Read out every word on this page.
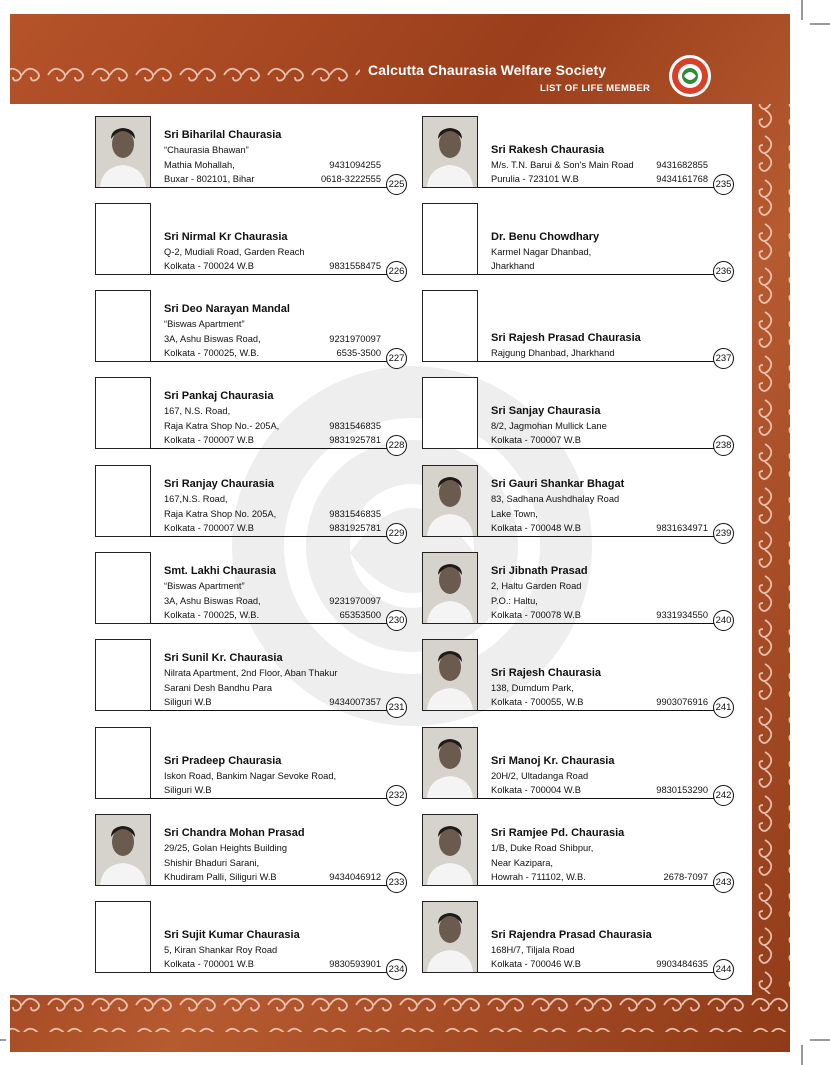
Calcutta Chaurasia Welfare Society
LIST OF LIFE MEMBER
Sri Biharilal Chaurasia
“Chaurasia Bhawan”
Mathia Mohallah,	9431094255
Buxar - 802101, Bihar	0618-3222555
225
Sri Nirmal Kr Chaurasia
Q-2, Mudiali Road, Garden Reach
Kolkata - 700024 W.B	9831558475
226
Sri Deo Narayan Mandal
“Biswas Apartment”
3A, Ashu Biswas Road,	9231970097
Kolkata - 700025, W.B.	6535-3500
227
Sri Pankaj Chaurasia
167, N.S. Road,
Raja Katra Shop No.- 205A,	9831546835
Kolkata - 700007 W.B	9831925781
228
Sri Ranjay Chaurasia
167,N.S. Road,
Raja Katra Shop No. 205A,	9831546835
Kolkata - 700007 W.B	9831925781
229
Smt. Lakhi Chaurasia
“Biswas Apartment”
3A, Ashu Biswas Road,	9231970097
Kolkata - 700025, W.B.	65353500
230
Sri Sunil Kr. Chaurasia
Nilrata Apartment, 2nd Floor, Aban Thakur
Sarani Desh Bandhu Para
Siliguri W.B	9434007357
231
Sri Pradeep Chaurasia
Iskon Road, Bankim Nagar Sevoke Road,
Siliguri W.B
232
Sri Chandra Mohan Prasad
29/25, Golan Heights Building
Shishir Bhaduri Sarani,
Khudiram Palli, Siliguri W.B	9434046912
233
Sri Sujit Kumar Chaurasia
5, Kiran Shankar Roy Road
Kolkata - 700001 W.B	9830593901
234
Sri Rakesh Chaurasia
M/s. T.N. Barui & Son's Main Road	9431682855
Purulia - 723101 W.B	9434161768
235
Dr. Benu Chowdhary
Karmel Nagar Dhanbad,
Jharkhand
236
Sri Rajesh Prasad Chaurasia
Rajgung Dhanbad, Jharkhand
237
Sri Sanjay Chaurasia
8/2, Jagmohan Mullick Lane
Kolkata - 700007 W.B
238
Sri Gauri Shankar Bhagat
83, Sadhana Aushdhalay Road
Lake Town,
Kolkata - 700048 W.B	9831634971
239
Sri Jibnath Prasad
2, Haltu Garden Road
P.O.: Haltu,
Kolkata - 700078 W.B	9331934550
240
Sri Rajesh Chaurasia
138, Dumdum Park,
Kolkata - 700055, W.B	9903076916
241
Sri Manoj Kr. Chaurasia
20H/2, Ultadanga Road
Kolkata - 700004 W.B	9830153290
242
Sri Ramjee Pd. Chaurasia
1/B, Duke Road Shibpur,
Near Kazipara,
Howrah - 711102, W.B.	2678-7097
243
Sri Rajendra Prasad Chaurasia
168H/7, Tiljala Road
Kolkata - 700046 W.B	9903484635
244
